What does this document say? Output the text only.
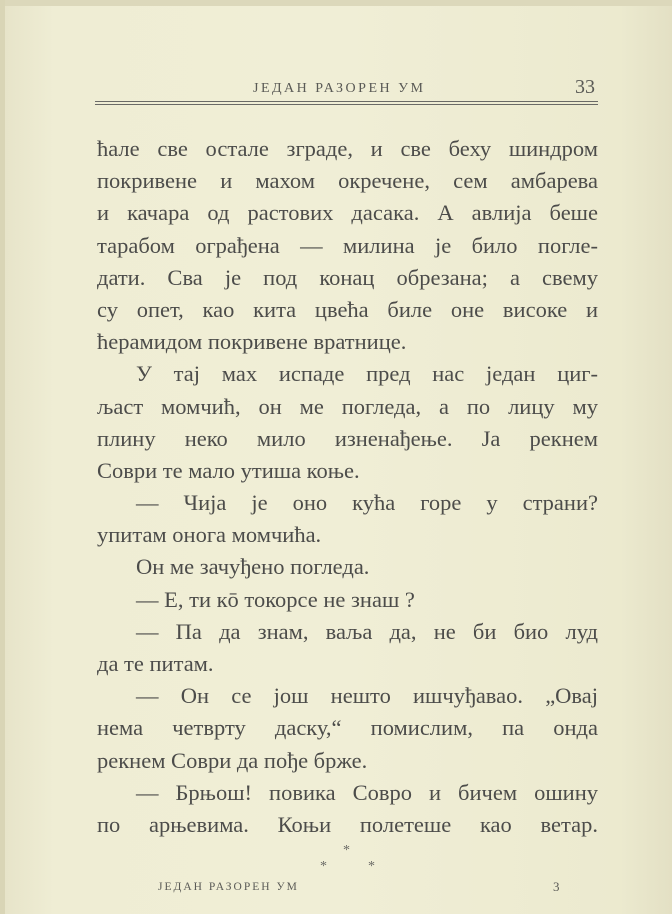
ЈЕДАН РАЗОРЕН УМ	33
ћале све остале зграде, и све беху шиндром
покривене и махом окречене, сем амбарева
и качара од растових дасака. А авлија беше
тарабом ограђена — милина је било погле-
дати. Сва је под конац обрезана; а свему
су опет, као кита цвећа биле оне високе и
ћерамидом покривене вратнице.
У тај мах испаде пред нас један циг-
љаст момчић, он ме погледа, а по лицу му
плину неко мило изненађење. Ја рекнем
Соври те мало утиша коње.
— Чија је оно кућа горе у страни?
упитам онога момчића.
Он ме зачуђено погледа.
— Е, ти кō токорсе не знаш ?
— Па да знам, ваља да, не би био луд
да те питам.
— Он се још нешто ишчуђавао. „Овај
нема четврту даску,“ помислим, па онда
рекнем Соври да пође брже.
— Брњош! повика Совро и бичем ошину
по арњевима. Коњи полетеше као ветар.
*
*	*
ЈЕДАН РАЗОРЕН УМ	3
